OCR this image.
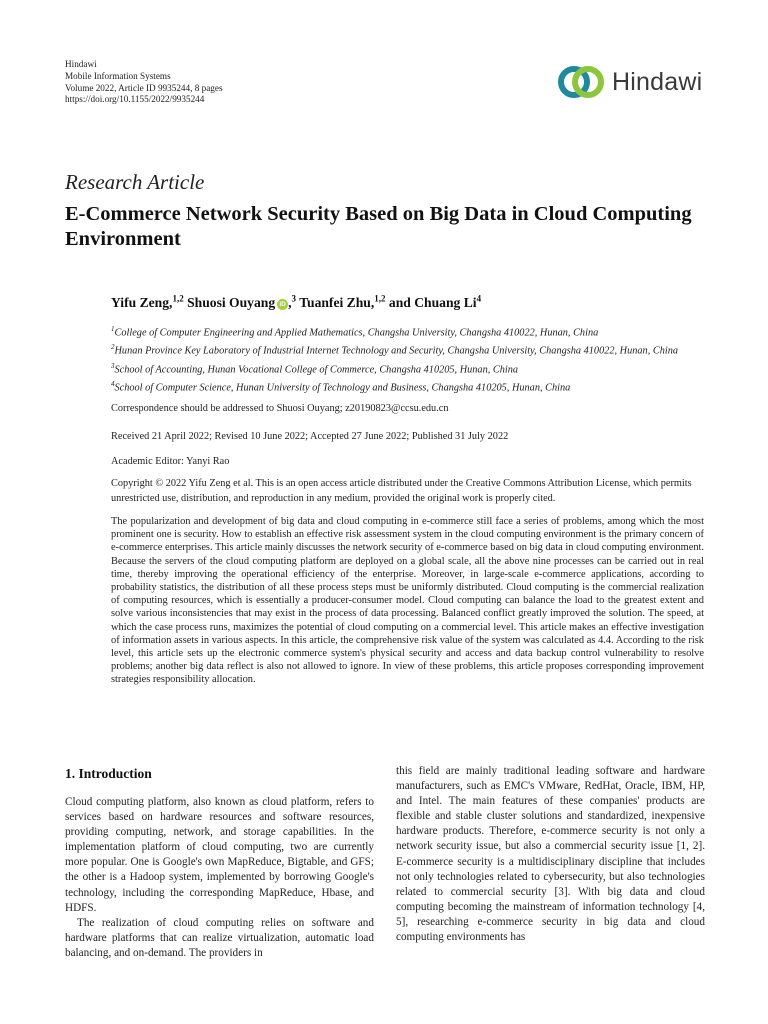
Hindawi
Mobile Information Systems
Volume 2022, Article ID 9935244, 8 pages
https://doi.org/10.1155/2022/9935244
Hindawi
Research Article
E-Commerce Network Security Based on Big Data in Cloud Computing Environment
Yifu Zeng,$^{1,2}$ Shuosi Ouyang iD ,$^3$ Tuanfei Zhu,$^{1,2}$ and Chuang Li$^4$
$^1$College of Computer Engineering and Applied Mathematics, Changsha University, Changsha 410022, Hunan, China
$^2$Hunan Province Key Laboratory of Industrial Internet Technology and Security, Changsha University, Changsha 410022, Hunan, China
$^3$School of Accounting, Hunan Vocational College of Commerce, Changsha 410205, Hunan, China
$^4$School of Computer Science, Hunan University of Technology and Business, Changsha 410205, Hunan, China
Correspondence should be addressed to Shuosi Ouyang; z20190823@ccsu.edu.cn
Received 21 April 2022; Revised 10 June 2022; Accepted 27 June 2022; Published 31 July 2022
Academic Editor: Yanyi Rao
Copyright © 2022 Yifu Zeng et al. This is an open access article distributed under the Creative Commons Attribution License, which permits unrestricted use, distribution, and reproduction in any medium, provided the original work is properly cited.
The popularization and development of big data and cloud computing in e-commerce still face a series of problems, among which the most prominent one is security. How to establish an effective risk assessment system in the cloud computing environment is the primary concern of e-commerce enterprises. This article mainly discusses the network security of e-commerce based on big data in cloud computing environment. Because the servers of the cloud computing platform are deployed on a global scale, all the above nine processes can be carried out in real time, thereby improving the operational efficiency of the enterprise. Moreover, in large-scale e-commerce applications, according to probability statistics, the distribution of all these process steps must be uniformly distributed. Cloud computing is the commercial realization of computing resources, which is essentially a producer-consumer model. Cloud computing can balance the load to the greatest extent and solve various inconsistencies that may exist in the process of data processing. Balanced conflict greatly improved the solution. The speed, at which the case process runs, maximizes the potential of cloud computing on a commercial level. This article makes an effective investigation of information assets in various aspects. In this article, the comprehensive risk value of the system was calculated as 4.4. According to the risk level, this article sets up the electronic commerce system's physical security and access and data backup control vulnerability to resolve problems; another big data reflect is also not allowed to ignore. In view of these problems, this article proposes corresponding improvement strategies responsibility allocation.
1. Introduction

Cloud computing platform, also known as cloud platform, refers to services based on hardware resources and software resources, providing computing, network, and storage capabilities. In the implementation platform of cloud computing, two are currently more popular. One is Google's own MapReduce, Bigtable, and GFS; the other is a Hadoop system, implemented by borrowing Google's technology, including the corresponding MapReduce, Hbase, and HDFS.

The realization of cloud computing relies on software and hardware platforms that can realize virtualization, automatic load balancing, and on-demand. The providers in

this field are mainly traditional leading software and hardware manufacturers, such as EMC's VMware, RedHat, Oracle, IBM, HP, and Intel. The main features of these companies' products are flexible and stable cluster solutions and standardized, inexpensive hardware products. Therefore, e-commerce security is not only a network security issue, but also a commercial security issue [1, 2]. E-commerce security is a multidisciplinary discipline that includes not only technologies related to cybersecurity, but also technologies related to commercial security [3]. With big data and cloud computing becoming the mainstream of information technology [4, 5], researching e-commerce security in big data and cloud computing environments has
